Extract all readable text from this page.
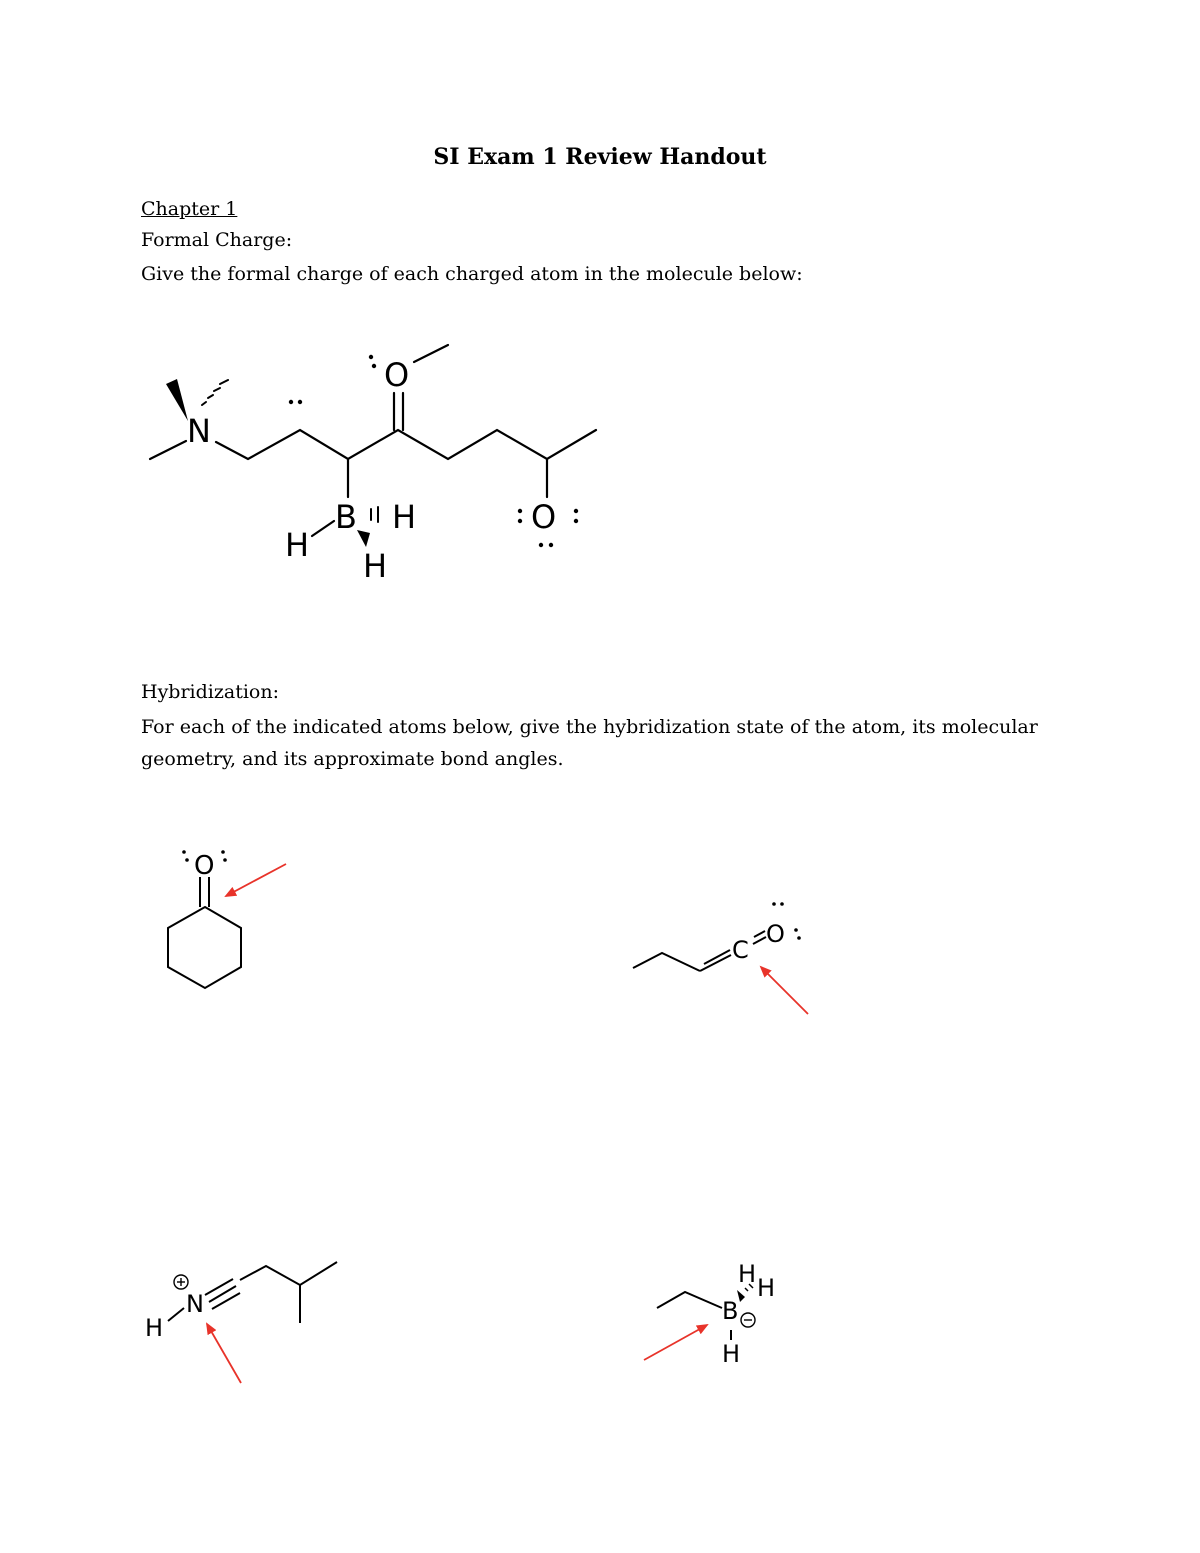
SI Exam 1 Review Handout
Chapter 1
Formal Charge:
Give the formal charge of each charged atom in the molecule below:
Hybridization:
For each of the indicated atoms below, give the hybridization state of the atom, its molecular geometry, and its approximate bond angles.
N
O
B H
H
H
O
O
C
O
N
H
B
H
H H
